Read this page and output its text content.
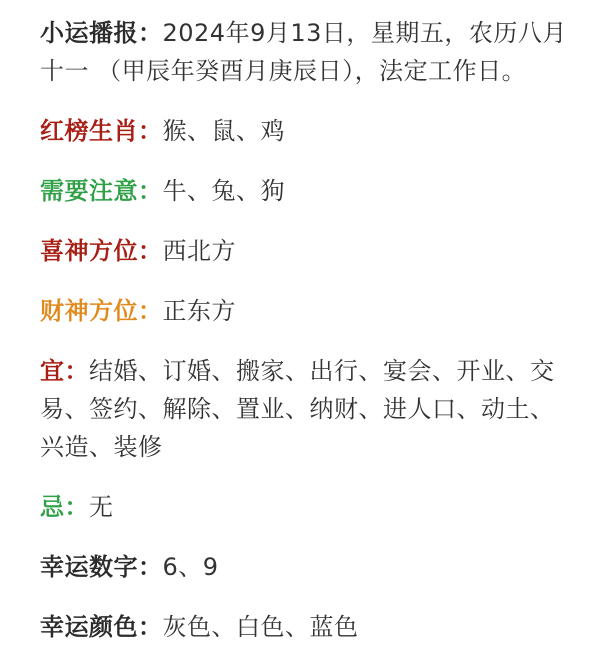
小运播报：2024年9月13日，星期五，农历八月
十一 （甲辰年癸酉月庚辰日），法定工作日。

红榜生肖：猴、鼠、鸡

需要注意：牛、兔、狗

喜神方位：西北方

财神方位：正东方

宜：结婚、订婚、搬家、出行、宴会、开业、交
易、签约、解除、置业、纳财、进人口、动土、
兴造、装修

忌：无

幸运数字：6、9

幸运颜色：灰色、白色、蓝色
